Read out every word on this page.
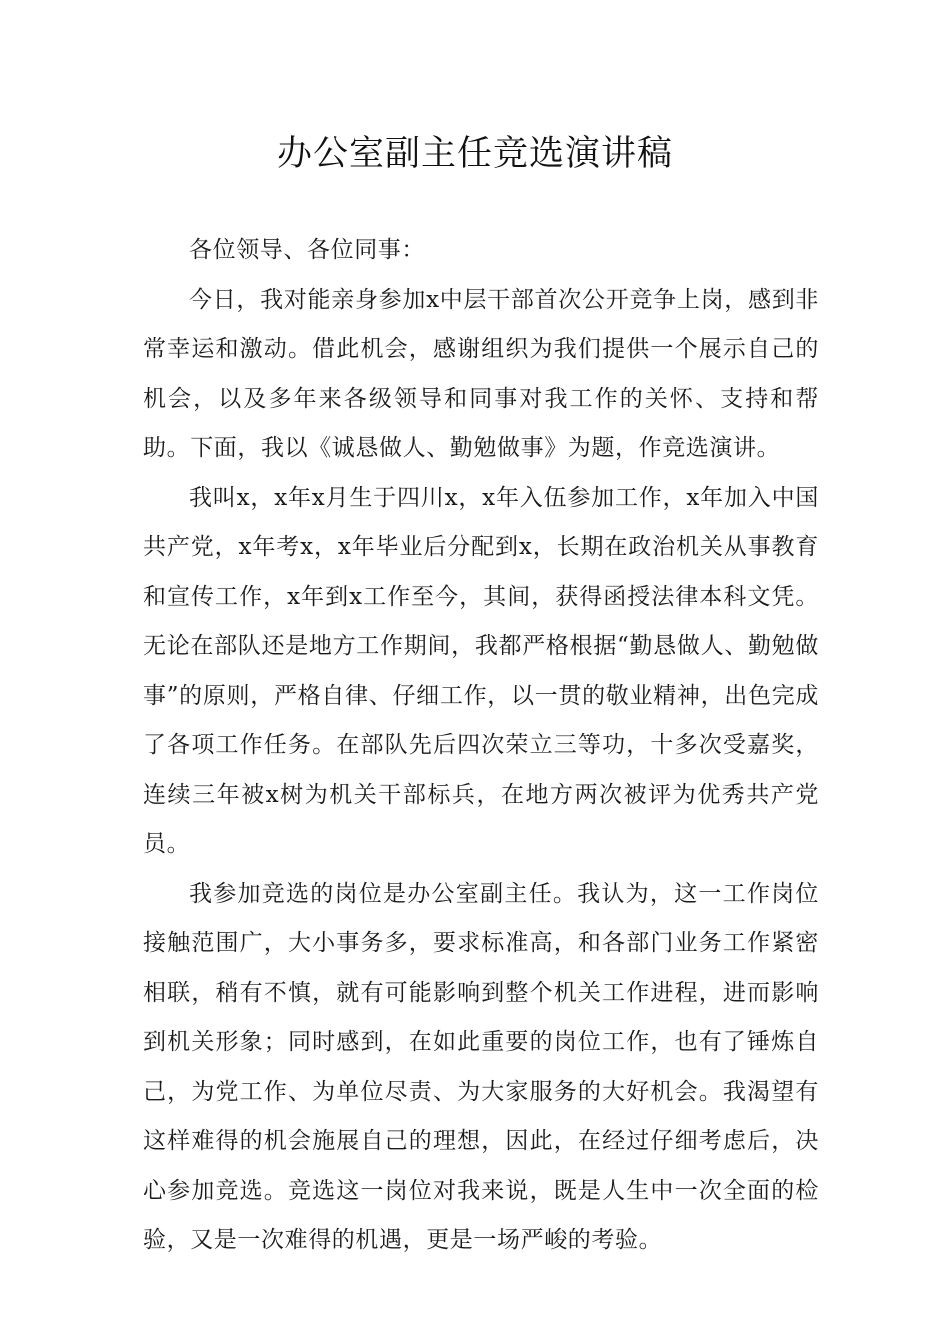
办公室副主任竞选演讲稿

各位领导、各位同事：

今日，我对能亲身参加x中层干部首次公开竞争上岗，感到非常幸运和激动。借此机会，感谢组织为我们提供一个展示自己的机会，以及多年来各级领导和同事对我工作的关怀、支持和帮助。下面，我以《诚恳做人、勤勉做事》为题，作竞选演讲。

我叫x，x年x月生于四川x，x年入伍参加工作，x年加入中国共产党，x年考x，x年毕业后分配到x，长期在政治机关从事教育和宣传工作，x年到x工作至今，其间，获得函授法律本科文凭。无论在部队还是地方工作期间，我都严格根据“勤恳做人、勤勉做事”的原则，严格自律、仔细工作，以一贯的敬业精神，出色完成了各项工作任务。在部队先后四次荣立三等功，十多次受嘉奖，连续三年被x树为机关干部标兵，在地方两次被评为优秀共产党员。

我参加竞选的岗位是办公室副主任。我认为，这一工作岗位接触范围广，大小事务多，要求标准高，和各部门业务工作紧密相联，稍有不慎，就有可能影响到整个机关工作进程，进而影响到机关形象；同时感到，在如此重要的岗位工作，也有了锤炼自己，为党工作、为单位尽责、为大家服务的大好机会。我渴望有这样难得的机会施展自己的理想，因此，在经过仔细考虑后，决心参加竞选。竞选这一岗位对我来说，既是人生中一次全面的检验，又是一次难得的机遇，更是一场严峻的考验。
